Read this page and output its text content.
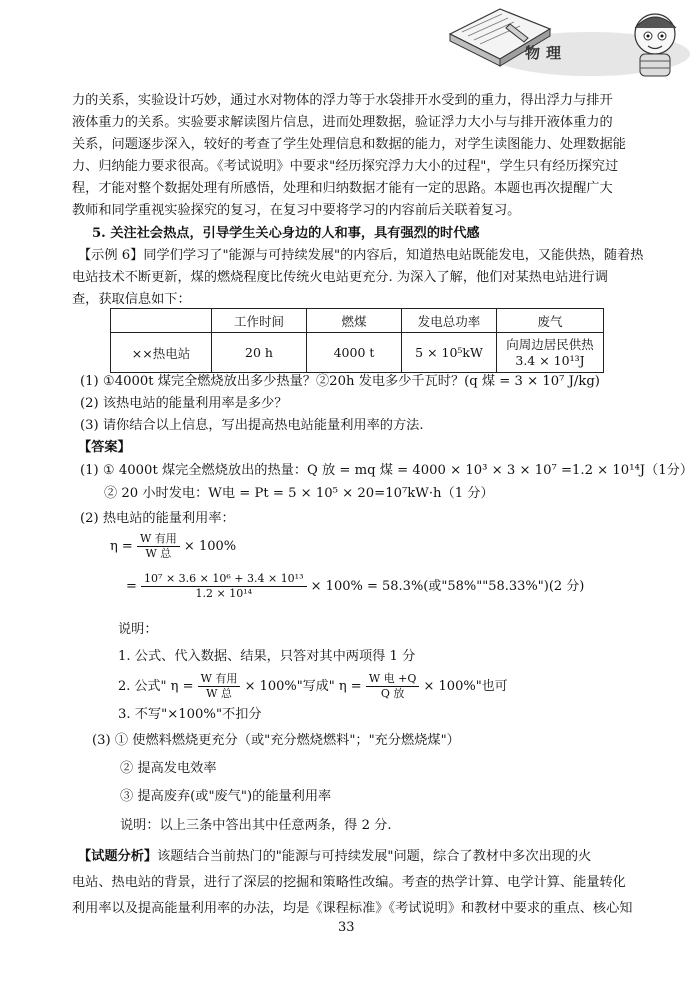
物理
力的关系，实验设计巧妙，通过水对物体的浮力等于水袋排开水受到的重力，得出浮力与排开
液体重力的关系。实验要求解读图片信息，进而处理数据，验证浮力大小与与排开液体重力的
关系，问题逐步深入，较好的考查了学生处理信息和数据的能力，对学生读图能力、处理数据能
力、归纳能力要求很高。《考试说明》中要求"经历探究浮力大小的过程"，学生只有经历探究过
程，才能对整个数据处理有所感悟，处理和归纳数据才能有一定的思路。本题也再次提醒广大
教师和同学重视实验探究的复习，在复习中要将学习的内容前后关联着复习。
5. 关注社会热点，引导学生关心身边的人和事，具有强烈的时代感
【示例 6】同学们学习了"能源与可持续发展"的内容后，知道热电站既能发电，又能供热，随着热
电站技术不断更新，煤的燃烧程度比传统火电站更充分. 为深入了解，他们对某热电站进行调
查，获取信息如下：
	工作时间	燃煤	发电总功率	废气
××热电站	20 h	4000 t	5 × 10⁵kW	向周边居民供热
3.4 × 10¹³J
(1) ①4000t 煤完全燃烧放出多少热量？②20h 发电多少千瓦时？(q 煤 = 3 × 10⁷ J/kg)
(2) 该热电站的能量利用率是多少？
(3) 请你结合以上信息，写出提高热电站能量利用率的方法.
【答案】
(1) ① 4000t 煤完全燃烧放出的热量：Q 放 = mq 煤 = 4000 × 10³ × 3 × 10⁷ =1.2 × 10¹⁴J（1分）
② 20 小时发电：W电 = Pt = 5 × 10⁵ × 20=10⁷kW·h（1 分）
(2) 热电站的能量利用率：
$\eta = \frac{\text{W 有用}}{\text{W 总}} \times 100\%$
= $\frac{\text{10⁷ × 3.6 × 10⁶ + 3.4 × 10¹³}}{\text{1.2 × 10¹⁴}} \times 100\% = 58.3\%$(或"58%""58.33%")(2 分)
说明：
1. 公式、代入数据、结果，只答对其中两项得 1 分
2. 公式" $\eta = \frac{\text{W 有用}}{\text{W 总}} \times 100\%$"写成" $\eta = \frac{\text{W 电 +Q}}{\text{Q 放}} \times 100\%$"也可
3. 不写"×100%"不扣分
(3) ① 使燃料燃烧更充分（或"充分燃烧燃料"；"充分燃烧煤"）
② 提高发电效率
③ 提高废弃(或"废气")的能量利用率
说明：以上三条中答出其中任意两条，得 2 分.
【试题分析】该题结合当前热门的"能源与可持续发展"问题，综合了教材中多次出现的火
电站、热电站的背景，进行了深层的挖掘和策略性改编。考查的热学计算、电学计算、能量转化
利用率以及提高能量利用率的办法，均是《课程标准》《考试说明》和教材中要求的重点、核心知
33
